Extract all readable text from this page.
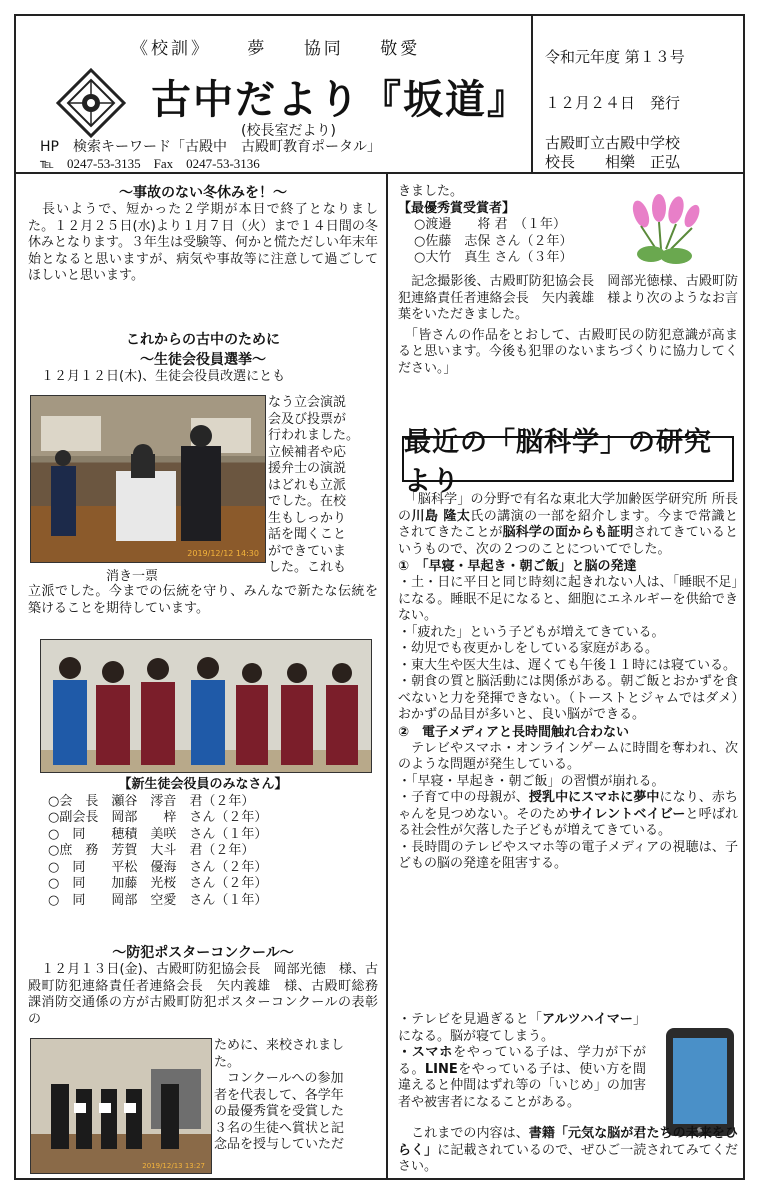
《校訓》 夢 協同 敬愛
古中だより『坂道』
(校長室だより)
HP　検索キーワード「古殿中　古殿町教育ポータル」
℡　0247-53-3135　Fax　0247-53-3136
令和元年度 第１３号
１２月２４日　発行
古殿町立古殿中学校
校長　　相樂　正弘

～事故のない冬休みを！～

　長いようで、短かった２学期が本日で終了となりました。１２月２５日(水)より１月７日（火）まで１４日間の冬休みとなります。３年生は受験等、何かと慌ただしい年末年始となると思いますが、病気や事故等に注意して過ごしてほしいと思います。

これからの古中のために

～生徒会役員選挙～

　１２月１２日(木)、生徒会役員改選にとも

2019/12/12 14:30
消き一票
なう立会演説
会及び投票が
行われました。
立候補者や応
援弁士の演説
はどれも立派
でした。在校
生もしっかり
話を聞くこと
ができていま
した。これも

立派でした。今までの伝統を守り、みんなで新たな伝統を築けることを期待しています。

【新生徒会役員のみなさん】
○会　長　瀬谷　澪音　君（２年）
○副会長　岡部　　梓　さん（２年）
○　同　　穂積　美咲　さん（１年）
○庶　務　芳賀　大斗　君（２年）
○　同　　平松　優海　さん（２年）
○　同　　加藤　光桜　さん（２年）
○　同　　岡部　空愛　さん（１年）

～防犯ポスターコンクール～

　１２月１３日(金)、古殿町防犯協会長　岡部光徳　様、古殿町防犯連絡責任者連絡会長　矢内義雄　様、古殿町総務課消防交通係の方が古殿町防犯ポスターコンクールの表彰の

2019/12/13 13:27
ために、来校されまし
た。
　コンクールへの参加
者を代表して、各学年
の最優秀賞を受賞した
３名の生徒へ賞状と記
念品を授与していただ
きました。
【最優秀賞受賞者】
○渡邉　　将 君　（１年）
○佐藤　志保 さん（２年）
○大竹　真生 さん（３年）

　記念撮影後、古殿町防犯協会長　岡部光徳様、古殿町防犯連絡責任者連絡会長　矢内義雄　様より次のようなお言葉をいただきました。

　「皆さんの作品をとおして、古殿町民の防犯意識が高まると思います。今後も犯罪のないまちづくりに協力してください。」

最近の「脳科学」の研究より

　「脳科学」の分野で有名な東北大学加齢医学研究所 所長の川島 隆太氏の講演の一部を紹介します。今まで常識とされてきたことが脳科学の面からも証明されてきているというもので、次の２つのことについてでした。

①　「早寝・早起き・朝ご飯」と脳の発達

・土・日に平日と同じ時刻に起きれない人は、「睡眠不足」になる。睡眠不足になると、細胞にエネルギーを供給できない。

・「疲れた」という子どもが増えてきている。

・幼児でも夜更かしをしている家庭がある。

・東大生や医大生は、遅くても午後１１時には寝ている。

・朝食の質と脳活動には関係がある。朝ご飯とおかずを食べないと力を発揮できない。（トーストとジャムではダメ）おかずの品目が多いと、良い脳ができる。

②　電子メディアと長時間触れ合わない

　テレビやスマホ・オンラインゲームに時間を奪われ、次のような問題が発生している。

・「早寝・早起き・朝ご飯」の習慣が崩れる。

・子育て中の母親が、授乳中にスマホに夢中になり、赤ちゃんを見つめない。そのためサイレントベイビーと呼ばれる社会性が欠落した子どもが増えてきている。

・長時間のテレビやスマホ等の電子メディアの視聴は、子どもの脳の発達を阻害する。

・テレビを見過ぎると「アルツハイマー」になる。脳が寝てしまう。

・スマホをやっている子は、学力が下がる。LINEをやっている子は、使い方を間違えると仲間はずれ等の「いじめ」の加害者や被害者になることがある。

　これまでの内容は、書籍「元気な脳が君たちの未来をひらく」に記載されているので、ぜひご一読されてみてください。
